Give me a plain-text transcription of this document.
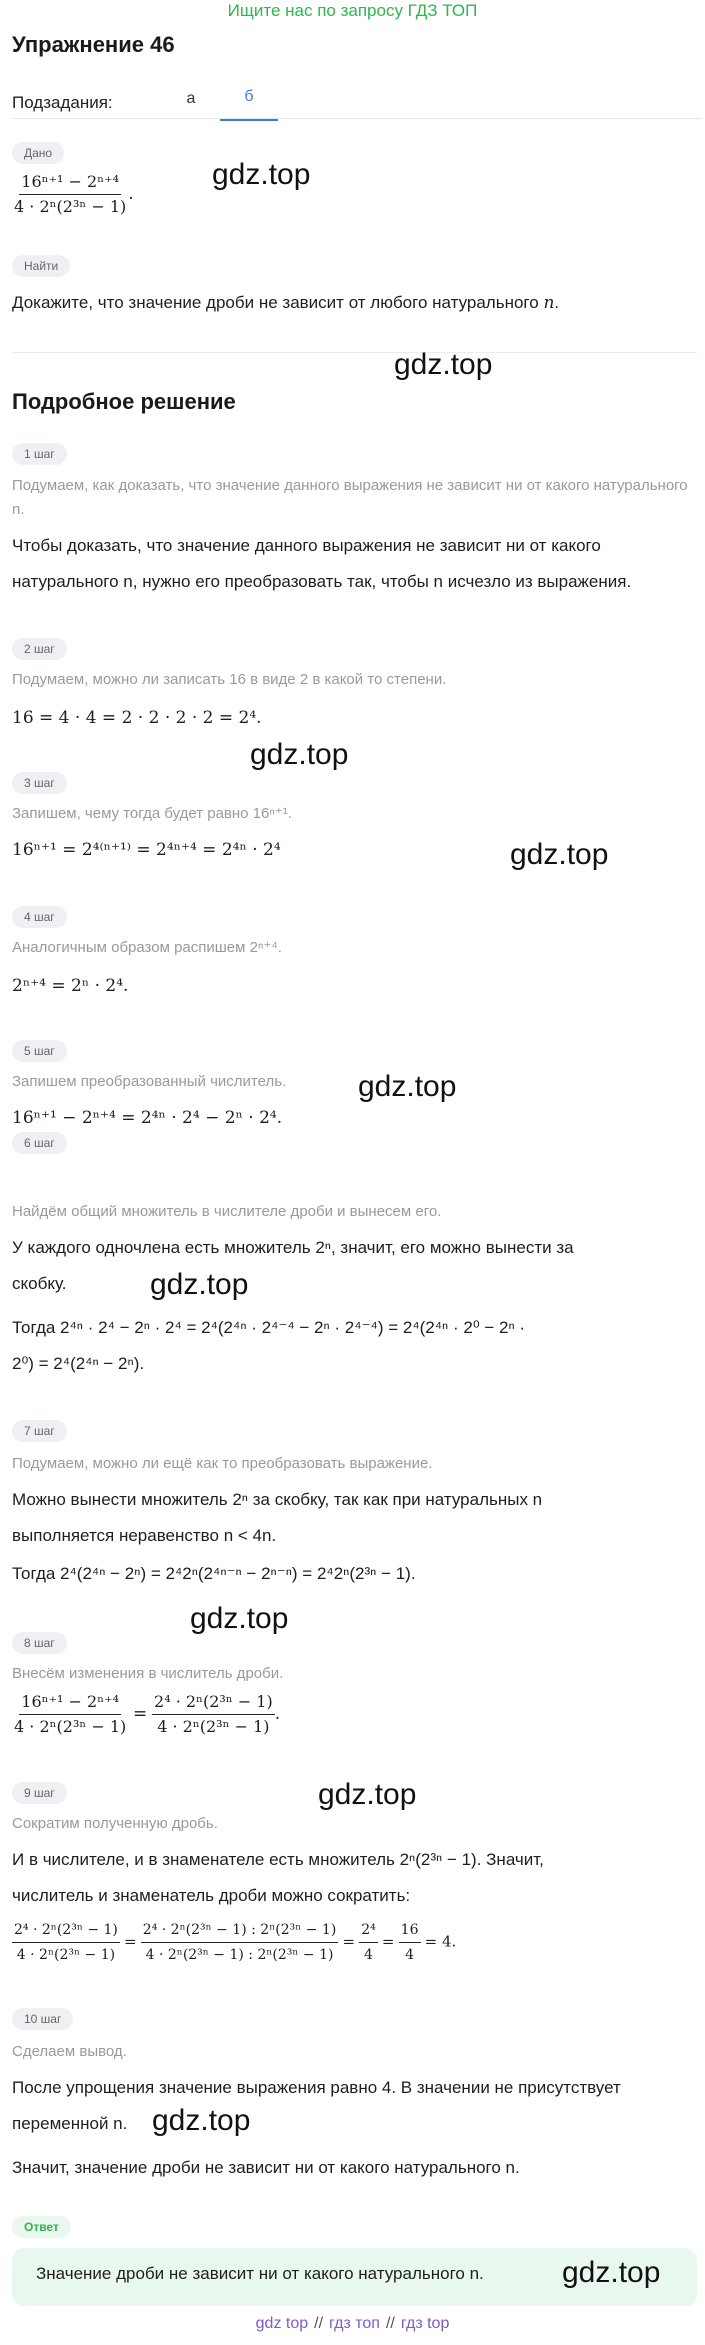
Ищите нас по запросу ГДЗ ТОП
Упражнение 46
Подзадания:	а	б
Дано
$\frac{\text{16ⁿ⁺¹ − 2ⁿ⁺⁴}}{\text{4 · 2ⁿ(2³ⁿ − 1)}}$ .
Найти
Докажите, что значение дроби не зависит от любого натурального n.
Подробное решение
1 шаг
Подумаем, как доказать, что значение данного выражения не зависит ни от какого натурального n.
Чтобы доказать, что значение данного выражения не зависит ни от какого
натурального n, нужно его преобразовать так, чтобы n исчезло из выражения.
2 шаг
Подумаем, можно ли записать 16 в виде 2 в какой то степени.
16 = 4 · 4 = 2 · 2 · 2 · 2 = 2⁴.
3 шаг
Запишем, чему тогда будет равно 16ⁿ⁺¹.
16ⁿ⁺¹ = 2⁴⁽ⁿ⁺¹⁾ = 2⁴ⁿ⁺⁴ = 2⁴ⁿ · 2⁴
4 шаг
Аналогичным образом распишем 2ⁿ⁺⁴.
2ⁿ⁺⁴ = 2ⁿ · 2⁴.
5 шаг
Запишем преобразованный числитель.
16ⁿ⁺¹ − 2ⁿ⁺⁴ = 2⁴ⁿ · 2⁴ − 2ⁿ · 2⁴.
6 шаг
Найдём общий множитель в числителе дроби и вынесем его.
У каждого одночлена есть множитель 2ⁿ, значит, его можно вынести за
скобку.
Тогда 2⁴ⁿ · 2⁴ − 2ⁿ · 2⁴ = 2⁴(2⁴ⁿ · 2⁴⁻⁴ − 2ⁿ · 2⁴⁻⁴) = 2⁴(2⁴ⁿ · 2⁰ − 2ⁿ ·
2⁰) = 2⁴(2⁴ⁿ − 2ⁿ).
7 шаг
Подумаем, можно ли ещё как то преобразовать выражение.
Можно вынести множитель 2ⁿ за скобку, так как при натуральных n
выполняется неравенство n < 4n.
Тогда 2⁴(2⁴ⁿ − 2ⁿ) = 2⁴2ⁿ(2⁴ⁿ⁻ⁿ − 2ⁿ⁻ⁿ) = 2⁴2ⁿ(2³ⁿ − 1).
8 шаг
Внесём изменения в числитель дроби.
$\frac{\text{16ⁿ⁺¹ − 2ⁿ⁺⁴}}{\text{4 · 2ⁿ(2³ⁿ − 1)}} = \frac{\text{2⁴ · 2ⁿ(2³ⁿ − 1)}}{\text{4 · 2ⁿ(2³ⁿ − 1)}}$ .
9 шаг
Сократим полученную дробь.
И в числителе, и в знаменателе есть множитель 2ⁿ(2³ⁿ − 1). Значит,
числитель и знаменатель дроби можно сократить:
$\frac{\text{2⁴ · 2ⁿ(2³ⁿ − 1)}}{\text{4 · 2ⁿ(2³ⁿ − 1)}} = \frac{\text{2⁴ · 2ⁿ(2³ⁿ − 1) : 2ⁿ(2³ⁿ − 1)}}{\text{4 · 2ⁿ(2³ⁿ − 1) : 2ⁿ(2³ⁿ − 1)}} = \frac{\text{2⁴}}{4} = \frac{16}{4} = 4$.
10 шаг
Сделаем вывод.
После упрощения значение выражения равно 4. В значении не присутствует
переменной n.
Значит, значение дроби не зависит ни от какого натурального n.
Ответ
Значение дроби не зависит ни от какого натурального n.
gdz.top
gdz.top
gdz.top
gdz.top
gdz.top
gdz.top
gdz.top
gdz.top
gdz.top
gdz.top
gdz top // гдз топ // гдз top
